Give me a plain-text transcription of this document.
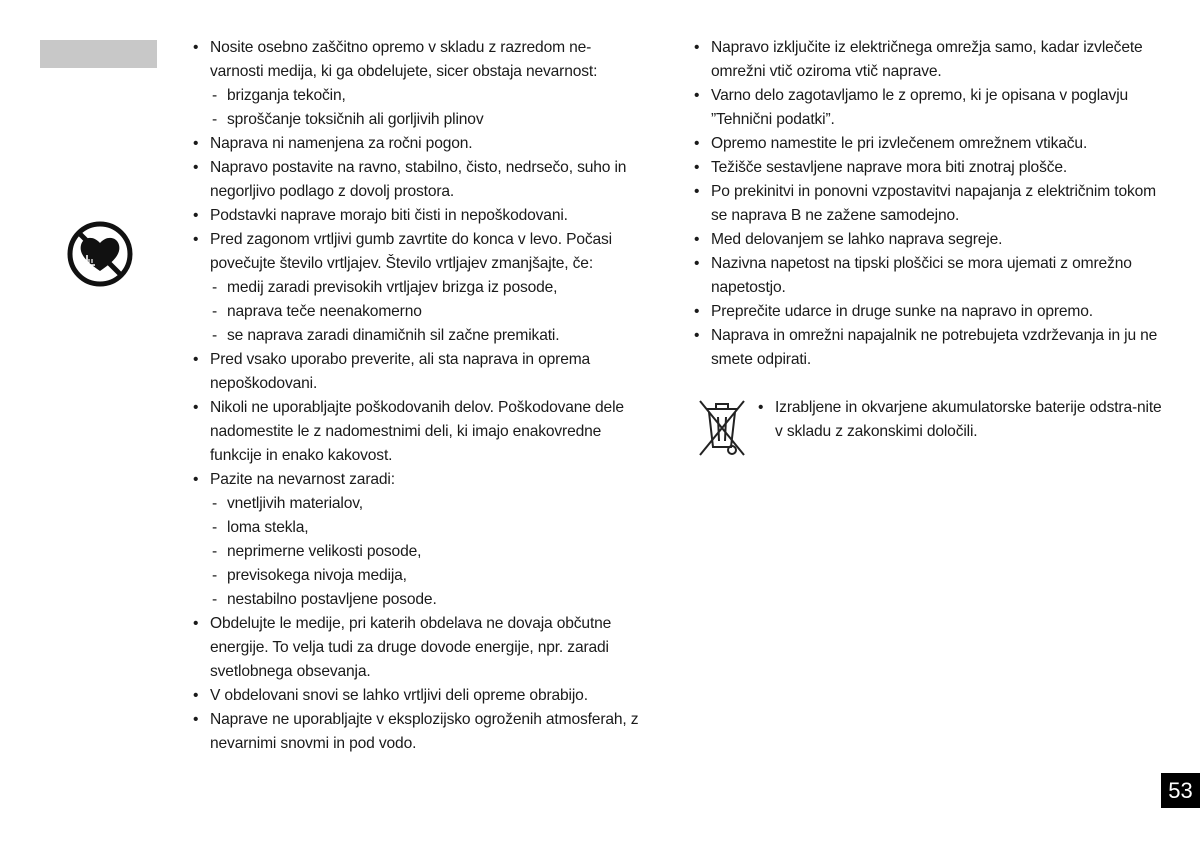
• Nosite osebno zaščitno opremo v skladu z razredom ne-varnosti medija, ki ga obdelujete, sicer obstaja nevarnost:
- brizganja tekočin,
- sproščanje toksičnih ali gorljivih plinov
• Naprava ni namenjena za ročni pogon.
• Napravo postavite na ravno, stabilno, čisto, nedrsečo, suho in negorljivo podlago z dovolj prostora.
• Podstavki naprave morajo biti čisti in nepoškodovani.
• Pred zagonom vrtljivi gumb zavrtite do konca v levo. Počasi povečujte število vrtljajev. Število vrtljajev zmanjšajte, če:
- medij zaradi previsokih vrtljajev brizga iz posode,
- naprava teče neenakomerno
- se naprava zaradi dinamičnih sil začne premikati.
• Pred vsako uporabo preverite, ali sta naprava in oprema nepoškodovani.
• Nikoli ne uporabljajte poškodovanih delov. Poškodovane dele nadomestite le z nadomestnimi deli, ki imajo enakovredne funkcije in enako kakovost.
• Pazite na nevarnost zaradi:
- vnetljivih materialov,
- loma stekla,
- neprimerne velikosti posode,
- previsokega nivoja medija,
- nestabilno postavljene posode.
• Obdelujte le medije, pri katerih obdelava ne dovaja občutne energije. To velja tudi za druge dovode energije, npr. zaradi svetlobnega obsevanja.
• V obdelovani snovi se lahko vrtljivi deli opreme obrabijo.
• Naprave ne uporabljajte v eksplozijsko ogroženih atmosferah, z nevarnimi snovmi in pod vodo.
• Napravo izključite iz električnega omrežja samo, kadar izvlečete omrežni vtič oziroma vtič naprave.
• Varno delo zagotavljamo le z opremo, ki je opisana v poglavju ”Tehnični podatki”.
• Opremo namestite le pri izvlečenem omrežnem vtikaču.
• Težišče sestavljene naprave mora biti znotraj plošče.
• Po prekinitvi in ponovni vzpostavitvi napajanja z električnim tokom se naprava B ne zažene samodejno.
• Med delovanjem se lahko naprava segreje.
• Nazivna napetost na tipski ploščici se mora ujemati z omrežno napetostjo.
• Preprečite udarce in druge sunke na napravo in opremo.
• Naprava in omrežni napajalnik ne potrebujeta vzdrževanja in ju ne smete odpirati.
• Izrabljene in okvarjene akumulatorske baterije odstra-nite v skladu z zakonskimi določili.
53
